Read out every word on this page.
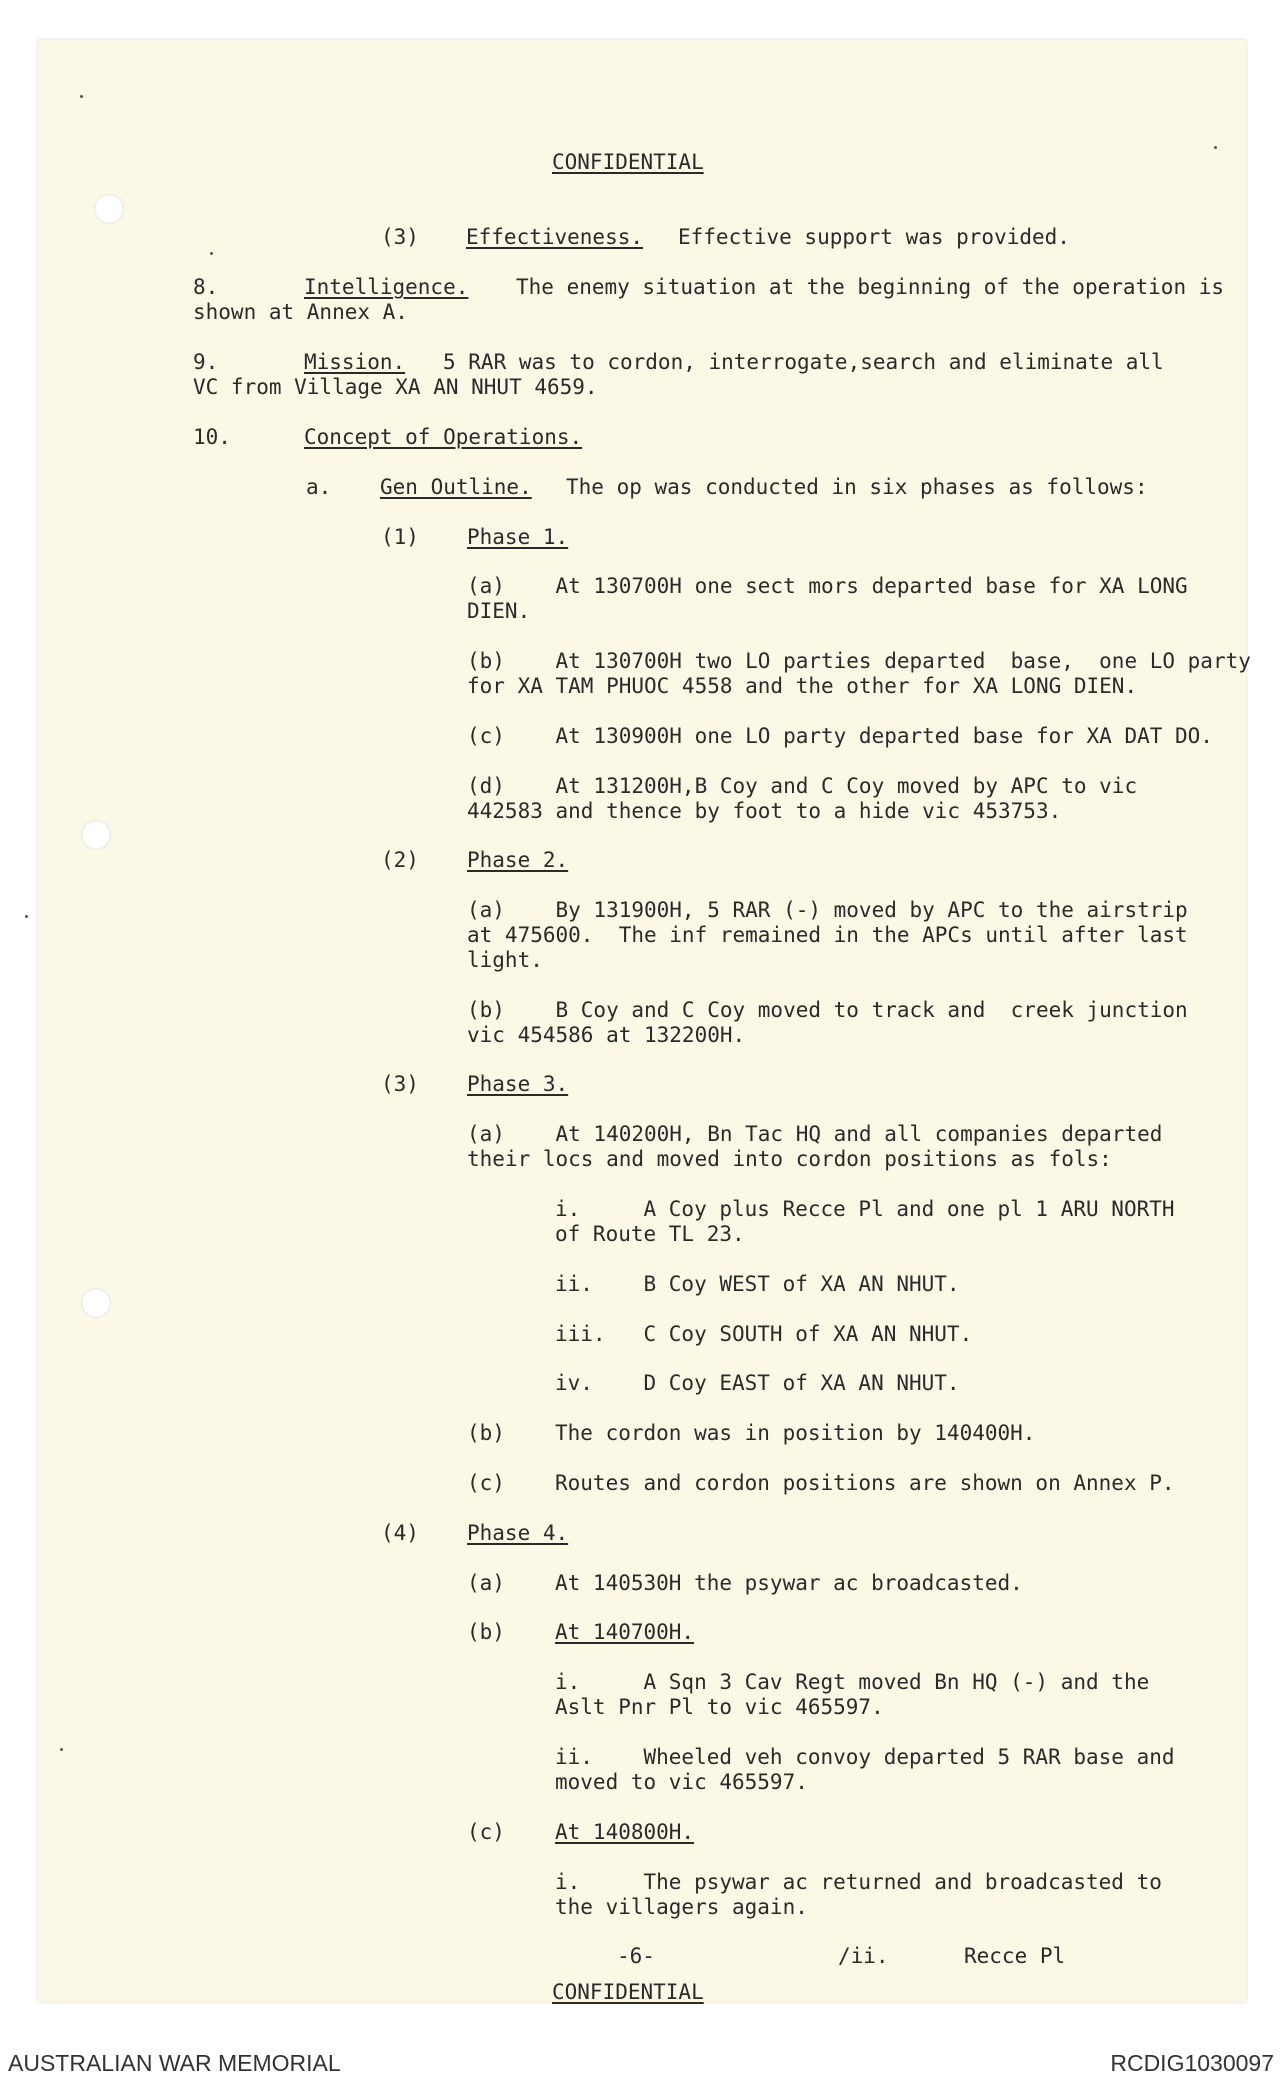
CONFIDENTIAL
(3) Effectiveness. Effective support was provided.
8.	Intelligence. The enemy situation at the beginning of the operation is
shown at Annex A.
9.	Mission. 5 RAR was to cordon, interrogate,search and eliminate all
VC from Village XA AN NHUT 4659.
10.	Concept of Operations.
a. Gen Outline. The op was conducted in six phases as follows:
(1) Phase 1.
(a)    At 130700H one sect mors departed base for XA LONG
DIEN.
(b)    At 130700H two LO parties departed  base,  one LO party
for XA TAM PHUOC 4558 and the other for XA LONG DIEN.
(c)    At 130900H one LO party departed base for XA DAT DO.
(d)    At 131200H,B Coy and C Coy moved by APC to vic
442583 and thence by foot to a hide vic 453753.
(2) Phase 2.
(a)    By 131900H, 5 RAR (-) moved by APC to the airstrip
at 475600.  The inf remained in the APCs until after last
light.
(b)    B Coy and C Coy moved to track and  creek junction
vic 454586 at 132200H.
(3) Phase 3.
(a)    At 140200H, Bn Tac HQ and all companies departed
their locs and moved into cordon positions as fols:
i.     A Coy plus Recce Pl and one pl 1 ARU NORTH
of Route TL 23.
ii.    B Coy WEST of XA AN NHUT.
iii.   C Coy SOUTH of XA AN NHUT.
iv.    D Coy EAST of XA AN NHUT.
(b) The cordon was in position by 140400H.
(c) Routes and cordon positions are shown on Annex P.
(4) Phase 4.
(a) At 140530H the psywar ac broadcasted.
(b) At 140700H.
i.     A Sqn 3 Cav Regt moved Bn HQ (-) and the
Aslt Pnr Pl to vic 465597.
ii.    Wheeled veh convoy departed 5 RAR base and
moved to vic 465597.
(c) At 140800H.
i.     The psywar ac returned and broadcasted to
the villagers again.
-6-	/ii.	Recce Pl
CONFIDENTIAL
AUSTRALIAN WAR MEMORIAL	RCDIG1030097
